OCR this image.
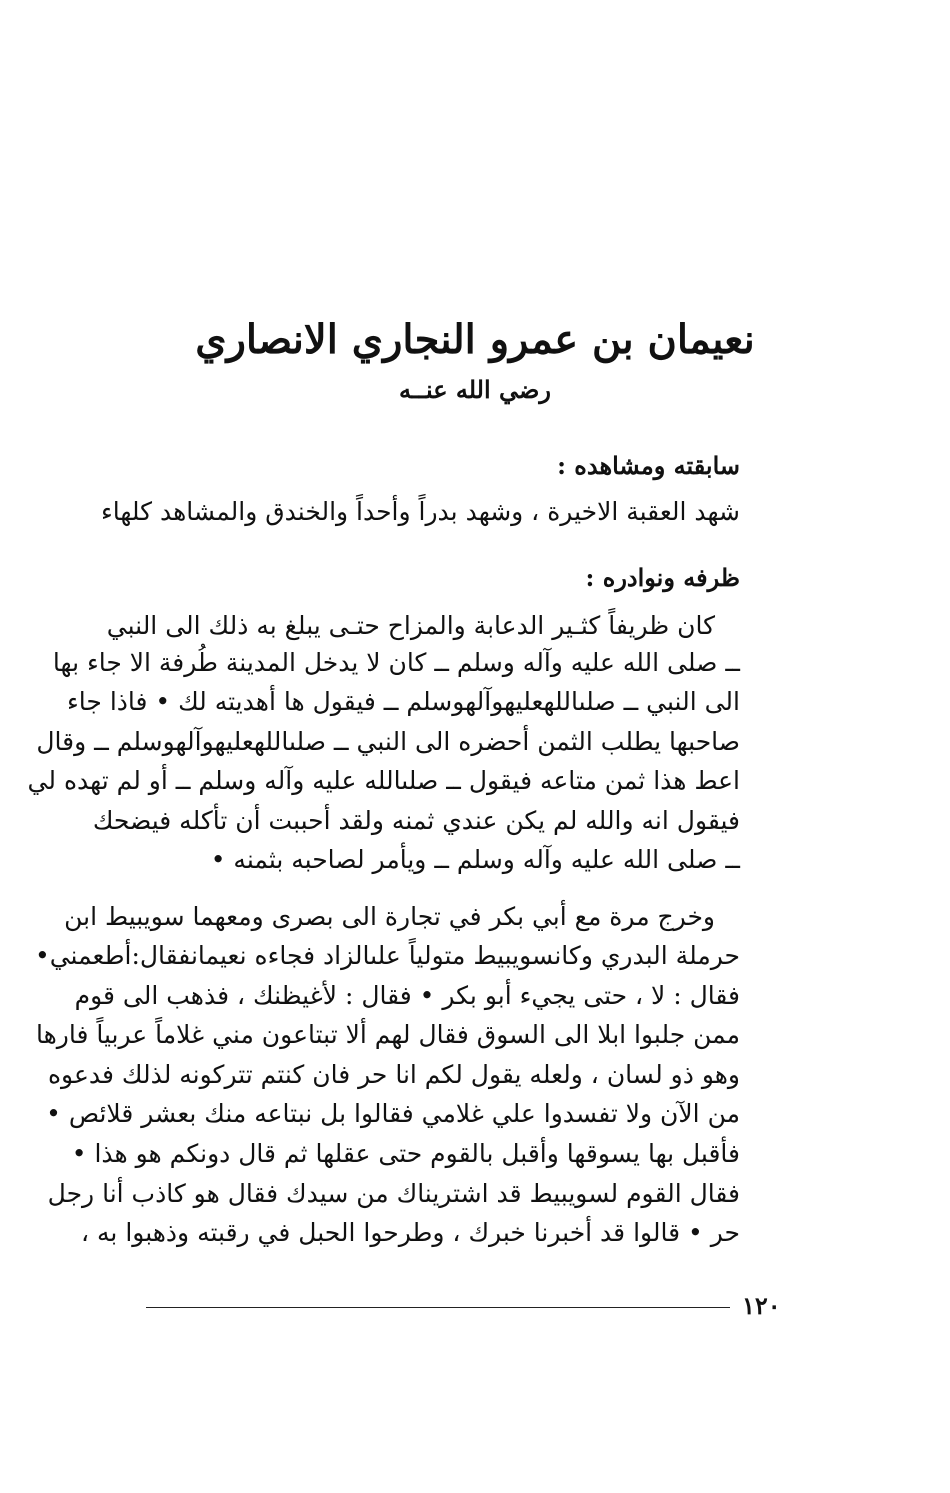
نعيمان بن عمرو النجاري الانصاري
رضي الله عنــه
سابقته ومشاهده :
شهد العقبة الاخيرة ، وشهد بدراً وأحداً والخندق والمشاهد كلهاء
ظرفه ونوادره :
كان ظريفاً كثـير الدعابة والمزاح حتـى يبلغ به ذلك الى النبي
ــ صلى الله عليه وآله وسلم ــ كان لا يدخل المدينة طُرفة الا جاء بها
الى النبي ــ صلىاللهعليهوآلهوسلم ــ فيقول ها أهديته لك • فاذا جاء
صاحبها يطلب الثمن أحضره الى النبي ــ صلىاللهعليهوآلهوسلم ــ وقال
اعط هذا ثمن متاعه فيقول ــ صلىالله عليه وآله وسلم ــ أو لم تهده لي
فيقول انه والله لم يكن عندي ثمنه ولقد أحببت أن تأكله فيضحك
ــ صلى الله عليه وآله وسلم ــ ويأمر لصاحبه بثمنه •
وخرج مرة مع أبي بكر في تجارة الى بصرى ومعهما سويبيط ابن
حرملة البدري وكانسويبيط متولياً علىالزاد فجاءه نعيمانفقال:أطعمني•
فقال : لا ، حتى يجيء أبو بكر • فقال : لأغيظنك ، فذهب الى قوم
ممن جلبوا ابلا الى السوق فقال لهم ألا تبتاعون مني غلاماً عربياً فارها
وهو ذو لسان ، ولعله يقول لكم انا حر فان كنتم تتركونه لذلك فدعوه
من الآن ولا تفسدوا علي غلامي فقالوا بل نبتاعه منك بعشر قلائص •
فأقبل بها يسوقها وأقبل بالقوم حتى عقلها ثم قال دونكم هو هذا •
فقال القوم لسويبيط قد اشتريناك من سيدك فقال هو كاذب أنا رجل
حر • قالوا قد أخبرنا خبرك ، وطرحوا الحبل في رقبته وذهبوا به ،
١٢٠
